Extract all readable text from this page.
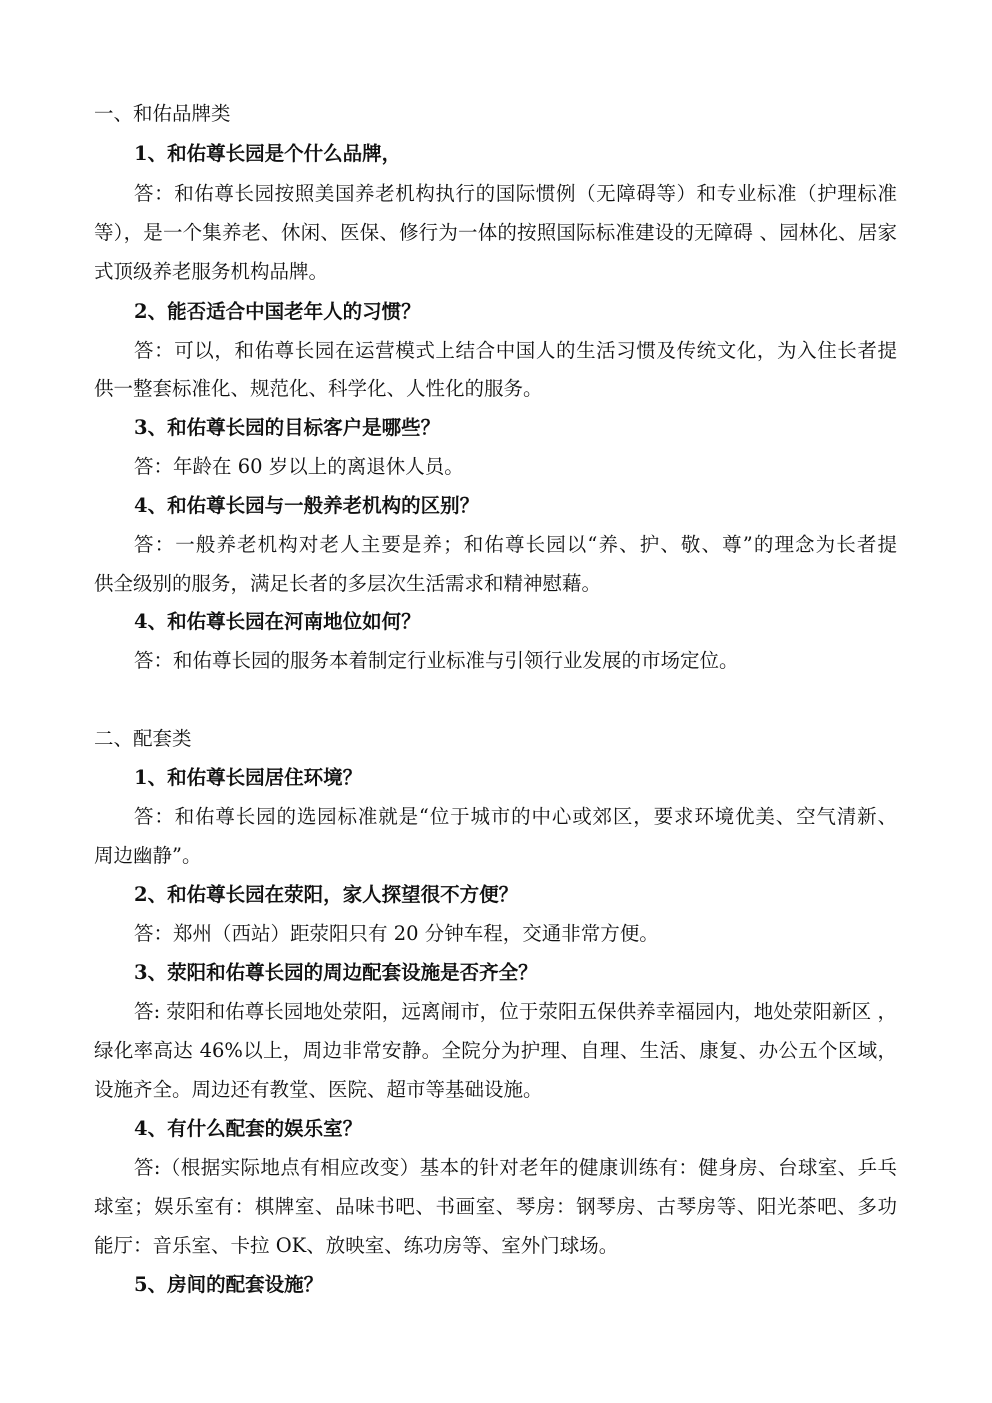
一、和佑品牌类
1、和佑尊长园是个什么品牌，
答：和佑尊长园按照美国养老机构执行的国际惯例（无障碍等）和专业标准（护理标准
等），是一个集养老、休闲、医保、修行为一体的按照国际标准建设的无障碍 、园林化、居家
式顶级养老服务机构品牌。
2、能否适合中国老年人的习惯？
答：可以，和佑尊长园在运营模式上结合中国人的生活习惯及传统文化，为入住长者提
供一整套标准化、规范化、科学化、人性化的服务。
3、和佑尊长园的目标客户是哪些？
答：年龄在 60 岁以上的离退休人员。
4、和佑尊长园与一般养老机构的区别？
答：一般养老机构对老人主要是养；和佑尊长园以“养、护、敬、尊”的理念为长者提
供全级别的服务，满足长者的多层次生活需求和精神慰藉。
4、和佑尊长园在河南地位如何？
答：和佑尊长园的服务本着制定行业标准与引领行业发展的市场定位。
二、配套类
1、和佑尊长园居住环境？
答：和佑尊长园的选园标准就是“位于城市的中心或郊区，要求环境优美、空气清新、
周边幽静”。
2、和佑尊长园在荥阳，家人探望很不方便？
答：郑州（西站）距荥阳只有 20 分钟车程，交通非常方便。
3、荥阳和佑尊长园的周边配套设施是否齐全？
答: 荥阳和佑尊长园地处荥阳，远离闹市，位于荥阳五保供养幸福园内，地处荥阳新区 ，
绿化率高达 46%以上，周边非常安静。全院分为护理、自理、生活、康复、办公五个区域，
设施齐全。周边还有教堂、医院、超市等基础设施。
4、有什么配套的娱乐室？
答:（根据实际地点有相应改变）基本的针对老年的健康训练有：健身房、台球室、乒乓
球室；娱乐室有：棋牌室、品味书吧、书画室、琴房：钢琴房、古琴房等、阳光茶吧、多功
能厅：音乐室、卡拉 OK、放映室、练功房等、室外门球场。
5、房间的配套设施？
